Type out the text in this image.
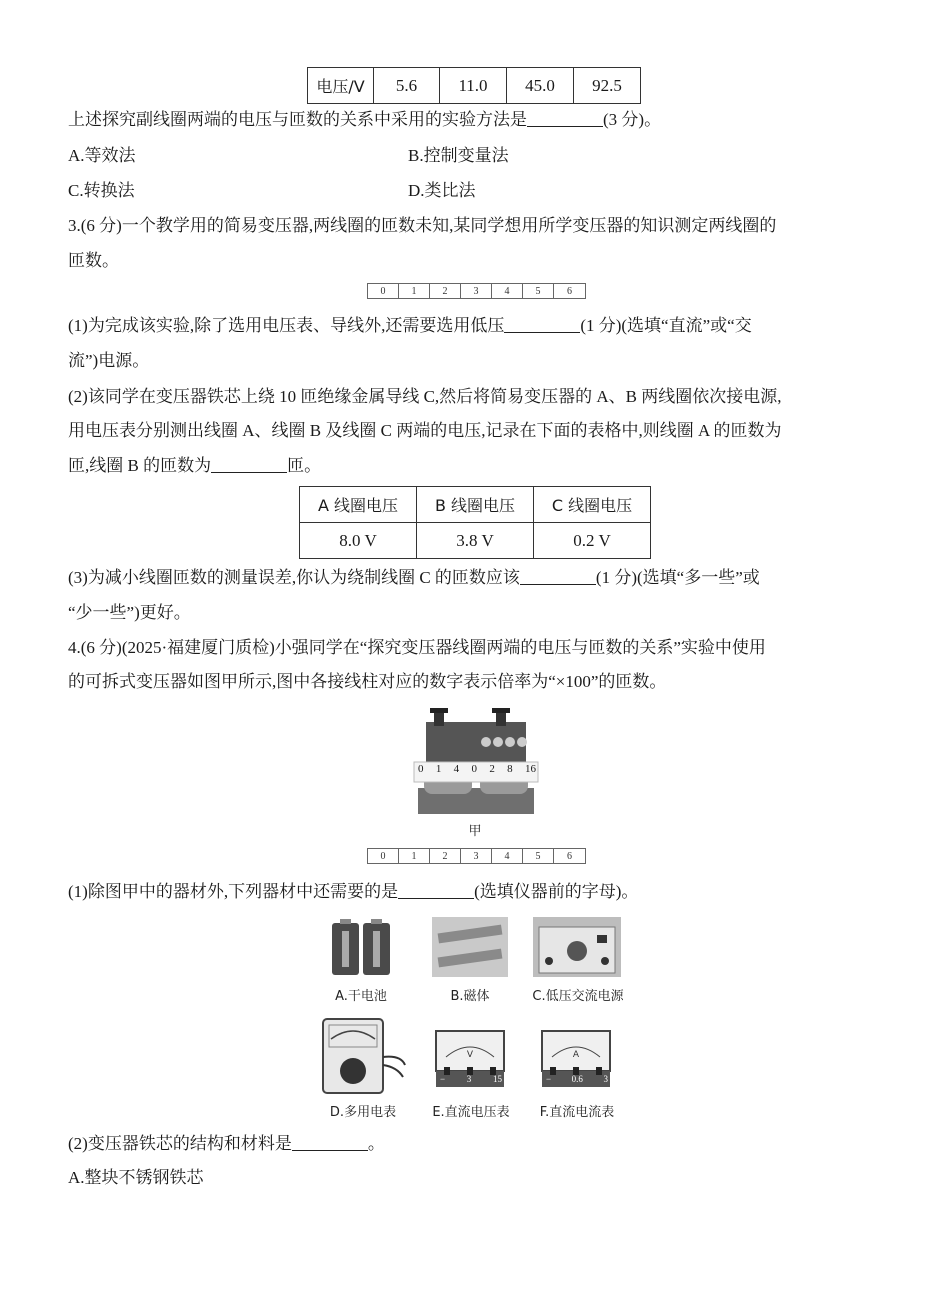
电压/V	5.6	11.0	45.0	92.5
上述探究副线圈两端的电压与匝数的关系中采用的实验方法是	(3 分)。
A.等效法	B.控制变量法
C.转换法	D.类比法
3.(6 分)一个教学用的简易变压器,两线圈的匝数未知,某同学想用所学变压器的知识测定两线圈的
匝数。
0	1	2	3	4	5	6
(1)为完成该实验,除了选用电压表、导线外,还需要选用低压	(1 分)(选填“直流”或“交
流”)电源。
(2)该同学在变压器铁芯上绕 10 匝绝缘金属导线 C,然后将简易变压器的 A、B 两线圈依次接电源,
用电压表分别测出线圈 A、线圈 B 及线圈 C 两端的电压,记录在下面的表格中,则线圈 A 的匝数为
匝,线圈 B 的匝数为	匝。
A 线圈电压	B 线圈电压	C 线圈电压
8.0 V	3.8 V	0.2 V
(3)为减小线圈匝数的测量误差,你认为绕制线圈 C 的匝数应该	(1 分)(选填“多一些”或
“少一些”)更好。
4.(6 分)(2025·福建厦门质检)小强同学在“探究变压器线圈两端的电压与匝数的关系”实验中使用
的可拆式变压器如图甲所示,图中各接线柱对应的数字表示倍率为“×100”的匝数。
0 1 4 0 2 8 16
甲
0	1	2	3	4	5	6
(1)除图甲中的器材外,下列器材中还需要的是	(选填仪器前的字母)。
A.干电池	B.磁体	C.低压交流电源
D.多用电表
V
− 3 15
E.直流电压表
A
− 0.6 3
F.直流电流表
(2)变压器铁芯的结构和材料是	。
A.整块不锈钢铁芯
